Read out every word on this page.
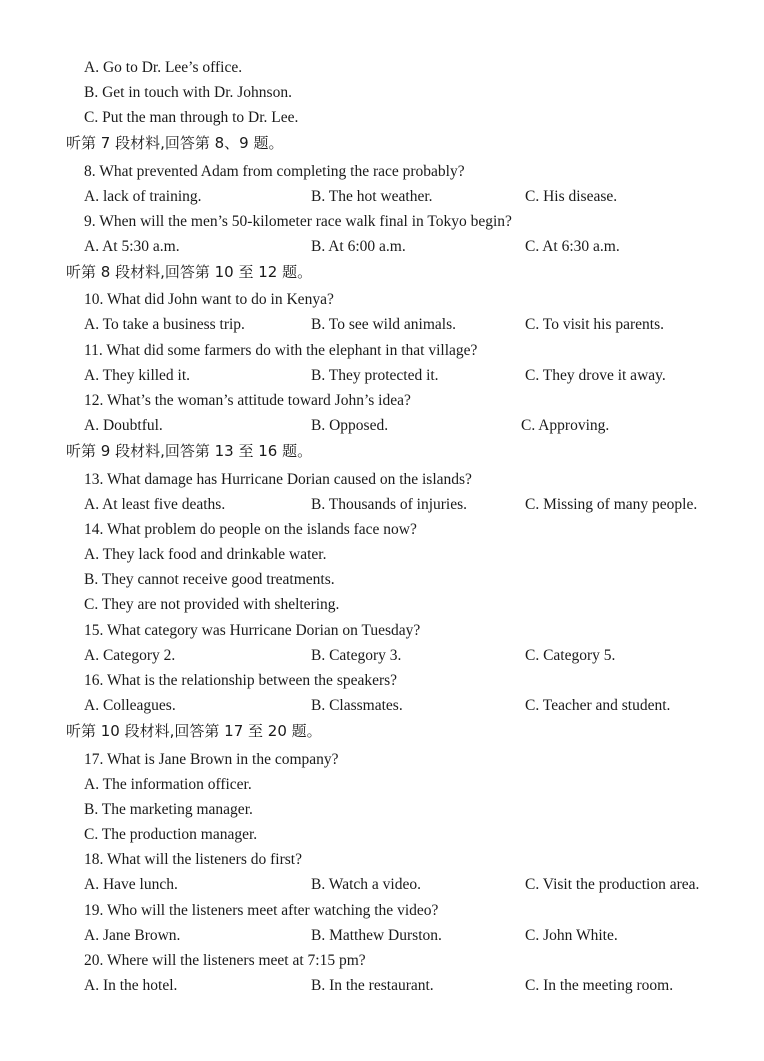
A. Go to Dr. Lee’s office.
B. Get in touch with Dr. Johnson.
C. Put the man through to Dr. Lee.
听第 7 段材料,回答第 8、9 题。
8. What prevented Adam from completing the race probably?
A. lack of training.	B. The hot weather.	C. His disease.
9. When will the men’s 50-kilometer race walk final in Tokyo begin?
A. At 5:30 a.m.	B. At 6:00 a.m.	C. At 6:30 a.m.
听第 8 段材料,回答第 10 至 12 题。
10. What did John want to do in Kenya?
A. To take a business trip.	B. To see wild animals.	C. To visit his parents.
11. What did some farmers do with the elephant in that village?
A. They killed it.	B. They protected it.	C. They drove it away.
12. What’s the woman’s attitude toward John’s idea?
A. Doubtful.	B. Opposed.	C. Approving.
听第 9 段材料,回答第 13 至 16 题。
13. What damage has Hurricane Dorian caused on the islands?
A. At least five deaths.	B. Thousands of injuries.	C. Missing of many people.
14. What problem do people on the islands face now?
A. They lack food and drinkable water.
B. They cannot receive good treatments.
C. They are not provided with sheltering.
15. What category was Hurricane Dorian on Tuesday?
A. Category 2.	B. Category 3.	C. Category 5.
16. What is the relationship between the speakers?
A. Colleagues.	B. Classmates.	C. Teacher and student.
听第 10 段材料,回答第 17 至 20 题。
17. What is Jane Brown in the company?
A. The information officer.
B. The marketing manager.
C. The production manager.
18. What will the listeners do first?
A. Have lunch.	B. Watch a video.	C. Visit the production area.
19. Who will the listeners meet after watching the video?
A. Jane Brown.	B. Matthew Durston.	C. John White.
20. Where will the listeners meet at 7:15 pm?
A. In the hotel.	B. In the restaurant.	C. In the meeting room.
